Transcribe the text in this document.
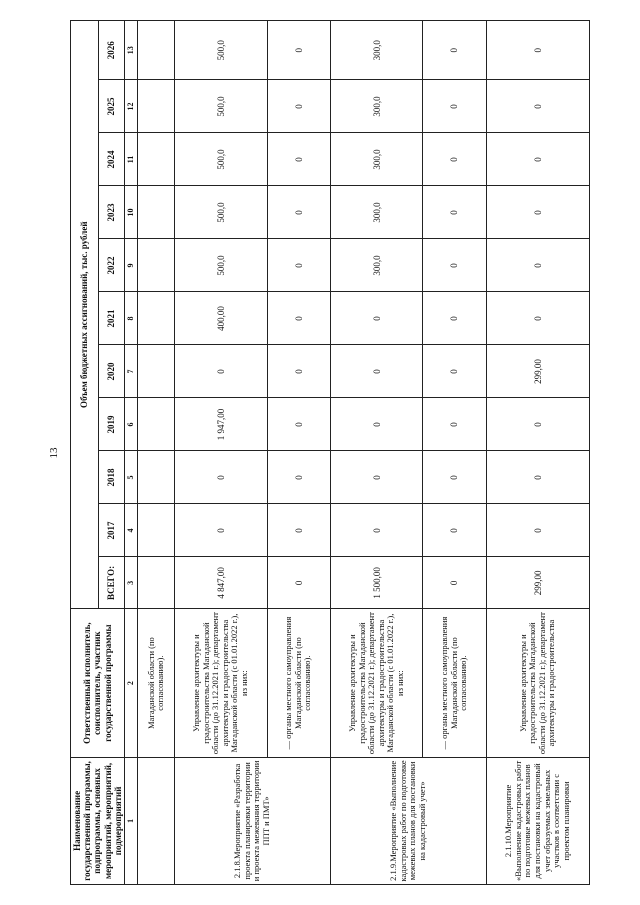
13
Наименование государственной программы, подпрограммы, основных мероприятий, мероприятий, подмероприятий	Ответственный исполнитель, соисполнитель, участник государственной программы	Объем бюджетных ассигнований, тыс. рублей										
		ВСЕГО:	2017	2018	2019	2020	2021	2022	2023	2024	2025	2026
1	2	3	4	5	6	7	8	9	10	11	12	13
	Магаданской области (по согласованию).											
2.1.8.Мероприятие «Разработка проекта планировки территории и проекта межевания территории ППТ и ПМТ»	Управление архитектуры и градостроительства Магаданской области (до 31.12.2021 г.); департамент архитектуры и градостроительства Магаданской области (с 01.01.2022 г.), из них:	4 847,00	0	0	1 947,00	0	400,00	500,0	500,0	500,0	500,0	500,0
	— органы местного самоуправления Магаданской области (по согласованию).	0	0	0	0	0	0	0	0	0	0	0
2.1.9.Мероприятие «Выполнение кадастровых работ по подготовке межевых планов для постановки на кадастровый учет»	Управление архитектуры и градостроительства Магаданской области (до 31.12.2021 г.); департамент архитектуры и градостроительства Магаданской области (с 01.01.2022 г.), из них:	1 500,00	0	0	0	0	0	300,0	300,0	300,0	300,0	300,0
	— органы местного самоуправления Магаданской области (по согласованию).	0	0	0	0	0	0	0	0	0	0	0
2.1.10.Мероприятие «Выполнение кадастровых работ по подготовке межевых планов для постановки на кадастровый учет образуемых земельных участков в соответствии с проектом планировки	Управление архитектуры и градостроительства Магаданской области (до 31.12.2021 г.); департамент архитектуры и градостроительства	299,00	0	0	0	299,00	0	0	0	0	0	0
